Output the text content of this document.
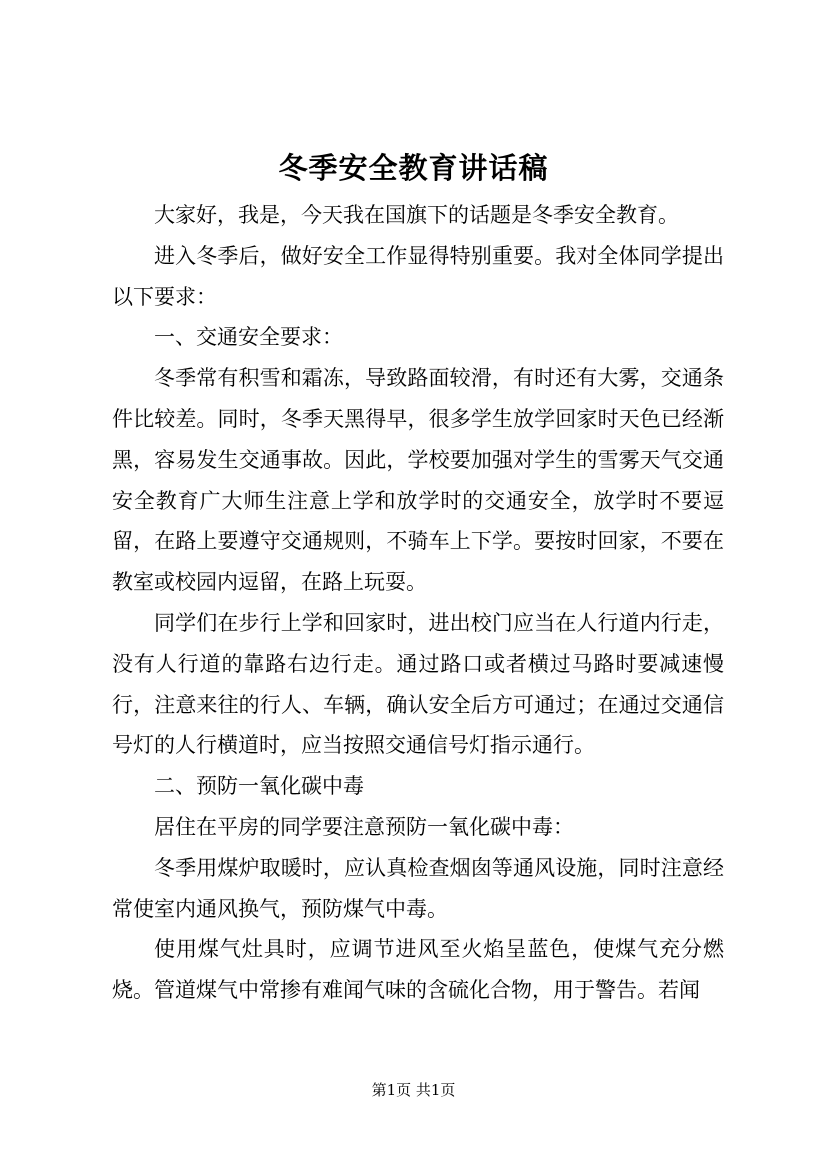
冬季安全教育讲话稿

大家好，我是，今天我在国旗下的话题是冬季安全教育。

进入冬季后，做好安全工作显得特别重要。我对全体同学提出以下要求：

一、交通安全要求：

冬季常有积雪和霜冻，导致路面较滑，有时还有大雾，交通条件比较差。同时，冬季天黑得早，很多学生放学回家时天色已经渐黑，容易发生交通事故。因此，学校要加强对学生的雪雾天气交通安全教育广大师生注意上学和放学时的交通安全，放学时不要逗留，在路上要遵守交通规则，不骑车上下学。要按时回家，不要在教室或校园内逗留，在路上玩耍。

同学们在步行上学和回家时，进出校门应当在人行道内行走，没有人行道的靠路右边行走。通过路口或者横过马路时要减速慢行，注意来往的行人、车辆，确认安全后方可通过；在通过交通信号灯的人行横道时，应当按照交通信号灯指示通行。

二、预防一氧化碳中毒

居住在平房的同学要注意预防一氧化碳中毒：

冬季用煤炉取暖时，应认真检查烟囱等通风设施，同时注意经常使室内通风换气，预防煤气中毒。

使用煤气灶具时，应调节进风至火焰呈蓝色，使煤气充分燃烧。管道煤气中常掺有难闻气味的含硫化合物，用于警告。若闻

第1页 共1页
